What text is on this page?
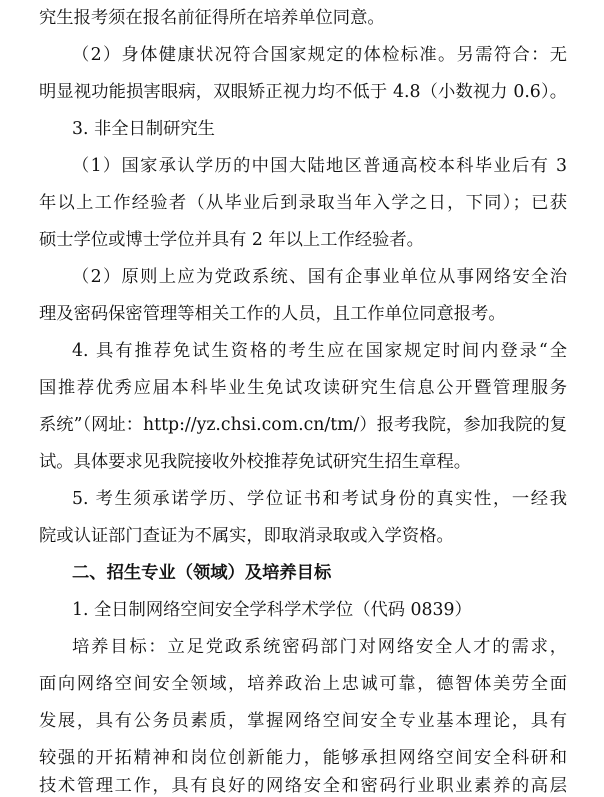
究生报考须在报名前征得所在培养单位同意。
（2）身体健康状况符合国家规定的体检标准。另需符合：无
明显视功能损害眼病，双眼矫正视力均不低于 4.8（小数视力 0.6）。
3. 非全日制研究生
（1）国家承认学历的中国大陆地区普通高校本科毕业后有 3
年以上工作经验者（从毕业后到录取当年入学之日，下同）；已获
硕士学位或博士学位并具有 2 年以上工作经验者。
（2）原则上应为党政系统、国有企事业单位从事网络安全治
理及密码保密管理等相关工作的人员，且工作单位同意报考。
4. 具有推荐免试生资格的考生应在国家规定时间内登录“全
国推荐优秀应届本科毕业生免试攻读研究生信息公开暨管理服务
系统”（网址：http://yz.chsi.com.cn/tm/）报考我院，参加我院的复
试。具体要求见我院接收外校推荐免试研究生招生章程。
5. 考生须承诺学历、学位证书和考试身份的真实性，一经我
院或认证部门查证为不属实，即取消录取或入学资格。
二、招生专业（领域）及培养目标
1. 全日制网络空间安全学科学术学位（代码 0839）
培养目标：立足党政系统密码部门对网络安全人才的需求，
面向网络空间安全领域，培养政治上忠诚可靠，德智体美劳全面
发展，具有公务员素质，掌握网络空间安全专业基本理论，具有
较强的开拓精神和岗位创新能力，能够承担网络空间安全科研和
技术管理工作，具有良好的网络安全和密码行业职业素养的高层
